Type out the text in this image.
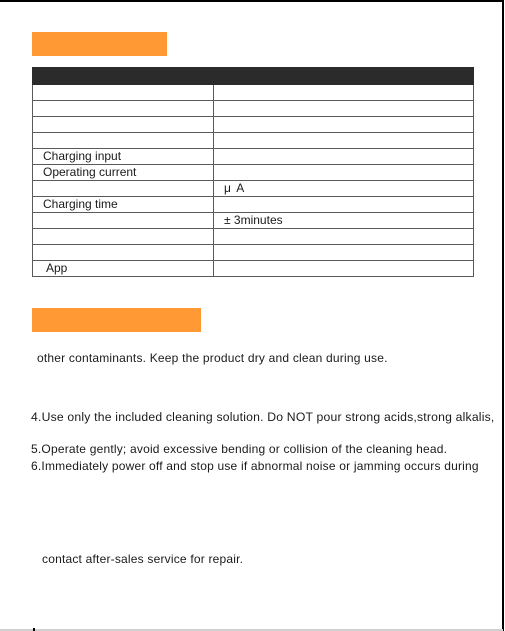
Charging input	
Operating current	
	μ A
Charging time	
	± 3minutes

App	
other contaminants. Keep the product dry and clean during use.
4.Use only the included cleaning solution. Do NOT pour strong acids,strong alkalis,
5.Operate gently; avoid excessive bending or collision of the cleaning head.
6.Immediately power off and stop use if abnormal noise or jamming occurs during
contact after-sales service for repair.
